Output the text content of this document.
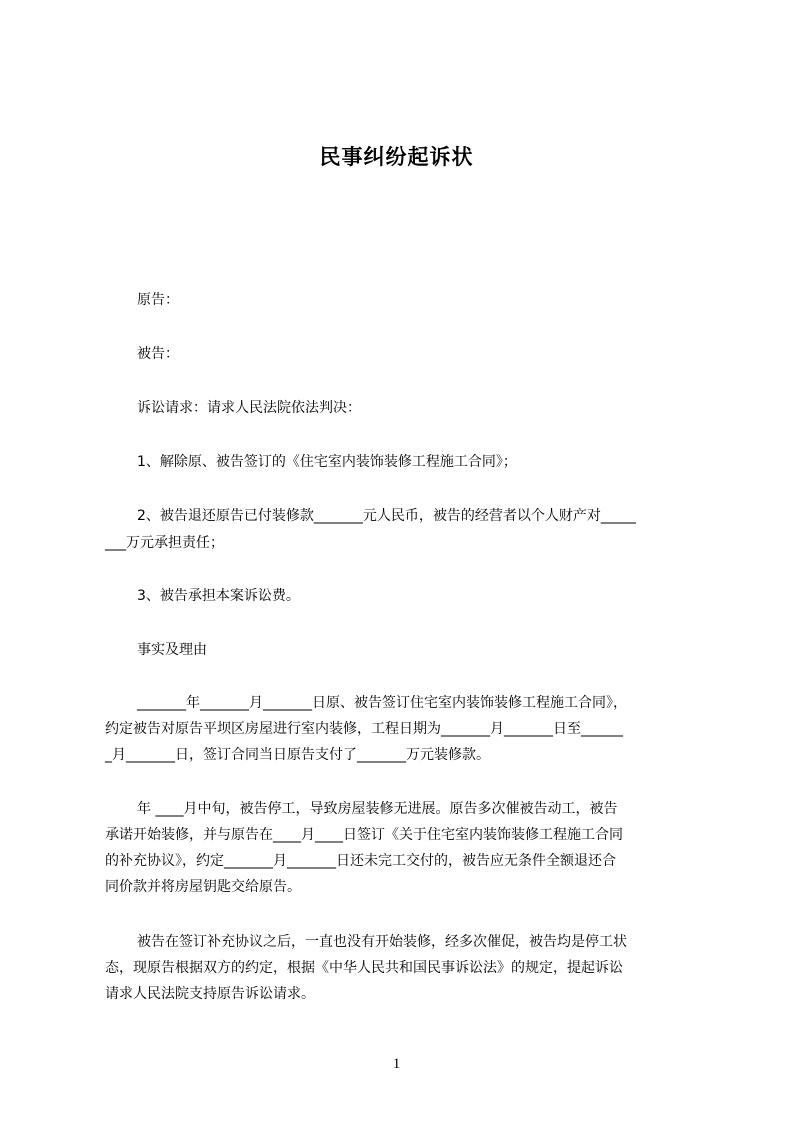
民事纠纷起诉状
原告：
被告：
诉讼请求：请求人民法院依法判决：
1、解除原、被告签订的《住宅室内装饰装修工程施工合同》；
2、被告退还原告已付装修款_______元人民币，被告的经营者以个人财产对_____
___万元承担责任；
3、被告承担本案诉讼费。
事实及理由
_______年_______月_______日原、被告签订住宅室内装饰装修工程施工合同》，
约定被告对原告平坝区房屋进行室内装修，工程日期为_______月_______日至______
_月_______日，签订合同当日原告支付了_______万元装修款。
年 ____月中旬，被告停工，导致房屋装修无进展。原告多次催被告动工，被告
承诺开始装修，并与原告在____月____日签订《关于住宅室内装饰装修工程施工合同
的补充协议》，约定_______月_______日还未完工交付的，被告应无条件全额退还合
同价款并将房屋钥匙交给原告。
被告在签订补充协议之后，一直也没有开始装修，经多次催促，被告均是停工状
态，现原告根据双方的约定，根据《中华人民共和国民事诉讼法》的规定，提起诉讼
请求人民法院支持原告诉讼请求。
1
